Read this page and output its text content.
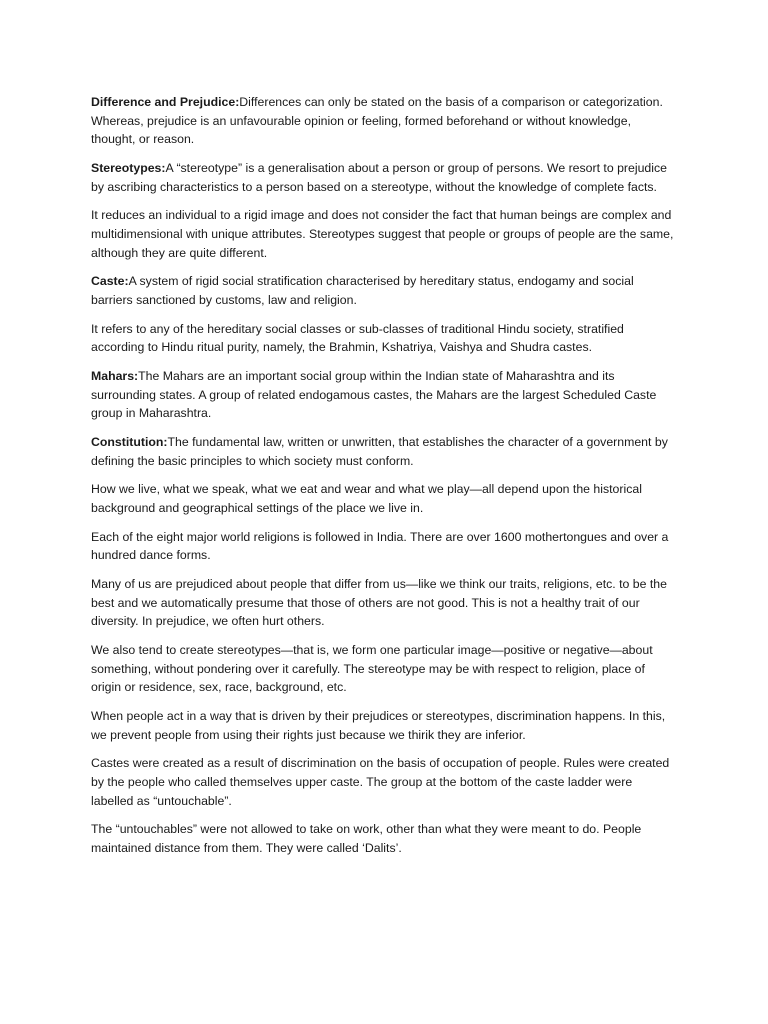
Difference and Prejudice:Differences can only be stated on the basis of a comparison or categorization. Whereas, prejudice is an unfavourable opinion or feeling, formed beforehand or without knowledge, thought, or reason.

Stereotypes:A “stereotype” is a generalisation about a person or group of persons. We resort to prejudice by ascribing characteristics to a person based on a stereotype, without the knowledge of complete facts.

It reduces an individual to a rigid image and does not consider the fact that human beings are complex and multidimensional with unique attributes. Stereotypes suggest that people or groups of people are the same, although they are quite different.

Caste:A system of rigid social stratification characterised by hereditary status, endogamy and social barriers sanctioned by customs, law and religion.

It refers to any of the hereditary social classes or sub-classes of traditional Hindu society, stratified according to Hindu ritual purity, namely, the Brahmin, Kshatriya, Vaishya and Shudra castes.

Mahars:The Mahars are an important social group within the Indian state of Maharashtra and its surrounding states. A group of related endogamous castes, the Mahars are the largest Scheduled Caste group in Maharashtra.

Constitution:The fundamental law, written or unwritten, that establishes the character of a government by defining the basic principles to which society must conform.

How we live, what we speak, what we eat and wear and what we play—all depend upon the historical background and geographical settings of the place we live in.

Each of the eight major world religions is followed in India. There are over 1600 mothertongues and over a hundred dance forms.

Many of us are prejudiced about people that differ from us—like we think our traits, religions, etc. to be the best and we automatically presume that those of others are not good. This is not a healthy trait of our diversity. In prejudice, we often hurt others.

We also tend to create stereotypes—that is, we form one particular image—positive or negative—about something, without pondering over it carefully. The stereotype may be with respect to religion, place of origin or residence, sex, race, background, etc.

When people act in a way that is driven by their prejudices or stereotypes, discrimination happens. In this, we prevent people from using their rights just because we thirik they are inferior.

Castes were created as a result of discrimination on the basis of occupation of people. Rules were created by the people who called themselves upper caste. The group at the bottom of the caste ladder were labelled as “untouchable”.

The “untouchables” were not allowed to take on work, other than what they were meant to do. People maintained distance from them. They were called ‘Dalits’.
